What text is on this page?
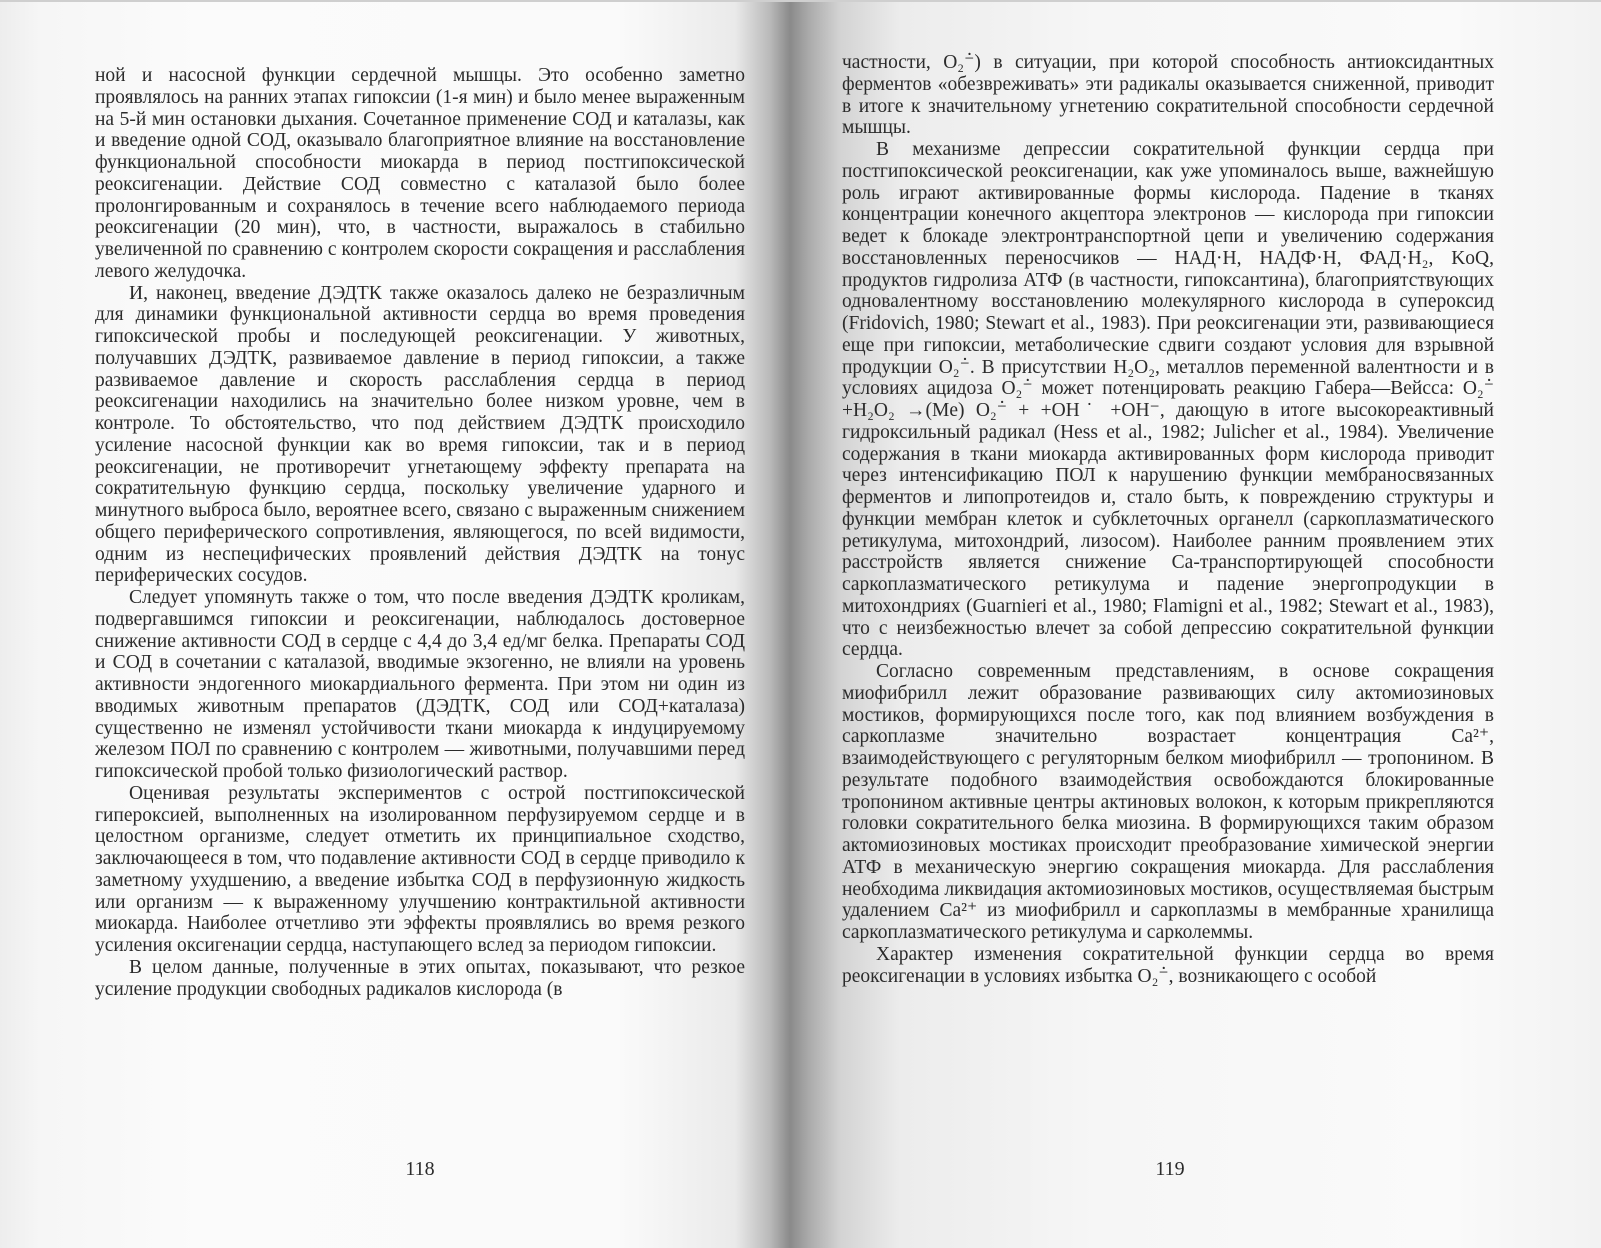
ной и насосной функции сердечной мышцы. Это особенно заметно проявлялось на ранних этапах гипоксии (1-я мин) и было менее выраженным на 5-й мин остановки дыхания. Сочетанное применение СОД и каталазы, как и введение одной СОД, оказывало благоприятное влияние на восстановление функциональной способности миокарда в период постгипоксической реоксигенации. Действие СОД совместно с каталазой было более пролонгированным и сохранялось в течение всего наблюдаемого периода реоксигенации (20 мин), что, в частности, выражалось в стабильно увеличенной по сравнению с контролем скорости сокращения и расслабления левого желудочка.

И, наконец, введение ДЭДТК также оказалось далеко не безразличным для динамики функциональной активности сердца во время проведения гипоксической пробы и последующей реоксигенации. У животных, получавших ДЭДТК, развиваемое давление в период гипоксии, а также развиваемое давление и скорость расслабления сердца в период реоксигенации находились на значительно более низком уровне, чем в контроле. То обстоятельство, что под действием ДЭДТК происходило усиление насосной функции как во время гипоксии, так и в период реоксигенации, не противоречит угнетающему эффекту препарата на сократительную функцию сердца, поскольку увеличение ударного и минутного выброса было, вероятнее всего, связано с выраженным снижением общего периферического сопротивления, являющегося, по всей видимости, одним из неспецифических проявлений действия ДЭДТК на тонус периферических сосудов.

Следует упомянуть также о том, что после введения ДЭДТК кроликам, подвергавшимся гипоксии и реоксигенации, наблюдалось достоверное снижение активности СОД в сердце с 4,4 до 3,4 ед/мг белка. Препараты СОД и СОД в сочетании с каталазой, вводимые экзогенно, не влияли на уровень активности эндогенного миокардиального фермента. При этом ни один из вводимых животным препаратов (ДЭДТК, СОД или СОД+каталаза) существенно не изменял устойчивости ткани миокарда к индуцируемому железом ПОЛ по сравнению с контролем — животными, получавшими перед гипоксической пробой только физиологический раствор.

Оценивая результаты экспериментов с острой постгипоксической гипероксией, выполненных на изолированном перфузируемом сердце и в целостном организме, следует отметить их принципиальное сходство, заключающееся в том, что подавление активности СОД в сердце приводило к заметному ухудшению, а введение избытка СОД в перфузионную жидкость или организм — к выраженному улучшению контрактильной активности миокарда. Наиболее отчетливо эти эффекты проявлялись во время резкого усиления оксигенации сердца, наступающего вслед за периодом гипоксии.

В целом данные, полученные в этих опытах, показывают, что резкое усиление продукции свободных радикалов кислорода (в

118

частности, O₂⁻̇) в ситуации, при которой способность антиоксидантных ферментов «обезвреживать» эти радикалы оказывается сниженной, приводит в итоге к значительному угнетению сократительной способности сердечной мышцы.

В механизме депрессии сократительной функции сердца при постгипоксической реоксигенации, как уже упоминалось выше, важнейшую роль играют активированные формы кислорода. Падение в тканях концентрации конечного акцептора электронов — кислорода при гипоксии ведет к блокаде электронтранспортной цепи и увеличению содержания восстановленных переносчиков — НАД·Н, НАДФ·Н, ФАД·H₂, KoQ, продуктов гидролиза АТФ (в частности, гипоксантина), благоприятствующих одновалентному восстановлению молекулярного кислорода в супероксид (Fridovich, 1980; Stewart et al., 1983). При реоксигенации эти, развивающиеся еще при гипоксии, метаболические сдвиги создают условия для взрывной продукции O₂⁻̇. В присутствии H₂O₂, металлов переменной валентности и в условиях ацидоза O₂⁻̇ может потенцировать реакцию Габера—Вейсса: O₂⁻̇ +H₂O₂ →(Me) O₂⁻̇ + +OH˙ +OH⁻, дающую в итоге высокореактивный гидроксильный радикал (Hess et al., 1982; Julicher et al., 1984). Увеличение содержания в ткани миокарда активированных форм кислорода приводит через интенсификацию ПОЛ к нарушению функции мембраносвязанных ферментов и липопротеидов и, стало быть, к повреждению структуры и функции мембран клеток и субклеточных органелл (саркоплазматического ретикулума, митохондрий, лизосом). Наиболее ранним проявлением этих расстройств является снижение Ca-транспортирующей способности саркоплазматического ретикулума и падение энергопродукции в митохондриях (Guarnieri et al., 1980; Flamigni et al., 1982; Stewart et al., 1983), что с неизбежностью влечет за собой депрессию сократительной функции сердца.

Согласно современным представлениям, в основе сокращения миофибрилл лежит образование развивающих силу актомиозиновых мостиков, формирующихся после того, как под влиянием возбуждения в саркоплазме значительно возрастает концентрация Ca²⁺, взаимодействующего с регуляторным белком миофибрилл — тропонином. В результате подобного взаимодействия освобождаются блокированные тропонином активные центры актиновых волокон, к которым прикрепляются головки сократительного белка миозина. В формирующихся таким образом актомиозиновых мостиках происходит преобразование химической энергии АТФ в механическую энергию сокращения миокарда. Для расслабления необходима ликвидация актомиозиновых мостиков, осуществляемая быстрым удалением Ca²⁺ из миофибрилл и саркоплазмы в мембранные хранилища саркоплазматического ретикулума и сарколеммы.

Характер изменения сократительной функции сердца во время реоксигенации в условиях избытка O₂⁻̇, возникающего с особой

119
